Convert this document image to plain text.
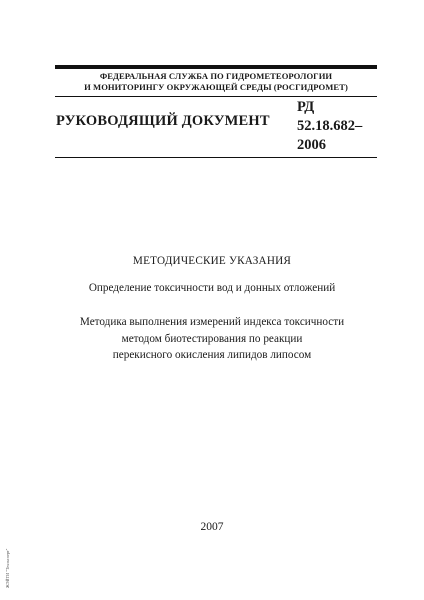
ФЕДЕРАЛЬНАЯ СЛУЖБА ПО ГИДРОМЕТЕОРОЛОГИИ
И МОНИТОРИНГУ ОКРУЖАЮЩЕЙ СРЕДЫ (РОСГИДРОМЕТ)
РУКОВОДЯЩИЙ ДОКУМЕНТ
РД
52.18.682–
2006
МЕТОДИЧЕСКИЕ УКАЗАНИЯ
Определение токсичности вод и донных отложений
Методика выполнения измерений индекса токсичности
методом биотестирования по реакции
перекисного окисления липидов липосом
2007
ЖЭЙТИ "Техэксперт"
